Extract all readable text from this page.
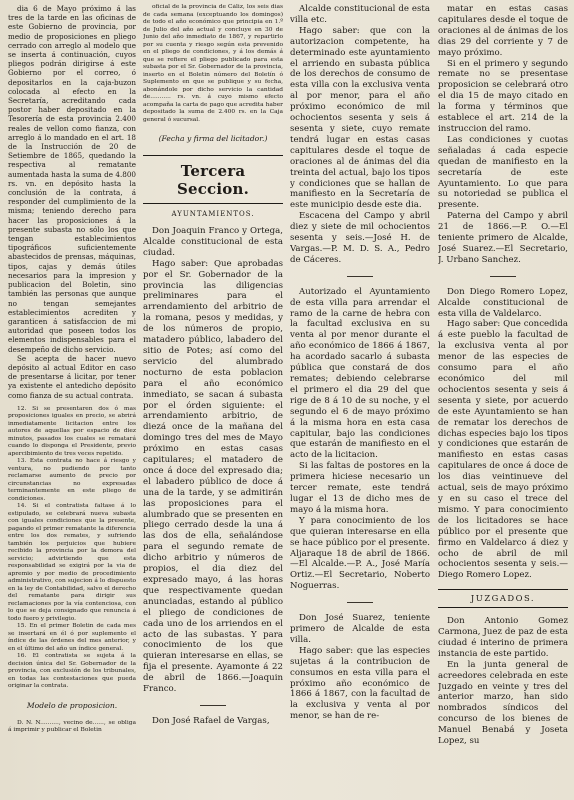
dia 6 de Mayo próximo á las tres de la tarde en las oficinas de este Gobierno de provincia, por medio de proposiciones en pliego cerrado con arreglo al modelo que se inserta á continuación, cuyos pliegos podrán dirigirse á este Gobierno por el correo, ó depositarlos en la caja-buzon colocada al efecto en la Secretaría, acreditando cada postor haber depositado en la Tesorería de esta provincia 2.400 reales de vellon como fianza, con arreglo á lo mandado en el art. 18 de la Instrucción de 20 de Setiembre de 1865, quedando la respectiva al rematante aumentada hasta la suma de 4.800 rs. vn. en depósito hasta la conclusión de la contrata, á responder del cumplimiento de la misma; teniendo derecho para hacer las proposiciones á la presente subasta no sólo los que tengan establecimientos tipográficos suficientemente abastecidos de prensas, máquinas, tipos, cajas y demás útiles necesarios para la impresion y publicacion del Boletin, sino también las personas que aunque no tengan semejantes establecimientos acrediten y garanticen á satisfaccion de mi autoridad que poseen todos los elementos indispensables para el desempeño de dicho servicio.

Se acepta de hacer nuevo depósito al actual Editor en caso de presentarse á licitar, por tener ya existente el antedicho depósito como fianza de su actual contrata.

12. Si se presentaren dos ó mas proposiciones iguales en precio, se abrirá inmediatamente licitacion entre los autores de aquellas por espacio de diez minutos, pasados los cuales se rematará cuando lo disponga el Presidente, previo apercibimiento de tres veces repetido.

13. Esta contrata no hace á riesgo y ventura, no pudiendo por tanto reclamarse aumento de precio por circunstancias no expresadas terminantemente en este pliego de condiciones.

14. Si el contratista faltase á lo estipulado, se celebrará nueva subasta con iguales condiciones que la presente, pagando el primer rematante la diferencia entre los dos remates, y sufriendo también los perjuicios que hubiere recibido la provincia por la demora del servicio; advirtiendo que esta responsabilidad se exigirá por la via de apremio y por medio de procedimiento administrativo, con sujecion á lo dispuesto en la ley de Contabilidad, salvo el derecho del rematante para dirigir sus reclamaciones por la vía contenciosa, con lo que se deja consignado que renuncia á todo fuero y privilegio.

15. En el primer Boletin de cada mes se insertará en él ó por suplemento el índice de las órdenes del mes anterior, y en el último del año un índice general.

16. El contratista se sujeta á la decision única del Sr. Gobernador de la provincia, con exclusión de los tribunales, en todas las contestaciones que pueda originar la contrata.

Modelo de proposicion.

D. N. N.........., vecino de......, se obliga á imprimir y publicar el Boletin

oficial de la provincia de Cáliz, los seis dias de cada semana (exceptuando los domingos) de todo el año económico que principia en 1.º de Julio del año actual y concluye en 30 de Junio del año inmediato de 1867, y repartirlo por su cuenta y riesgo según esta prevenido en el pliego de condiciones, y á los demás á que se refiere el pliego publicado para esta subasta por el Sr. Gobernador de la provincia, inserto en el Boletin número del Boletín ó Suplemento en que se publique y su fecha, abonándole por dicho servicio la cantidad de........... rs. vn. á cuyo mismo efecto acompaña la carta de pago que acredita haber depositado la suma de 2.400 rs. en la Caja general ó sucursal.

(Fecha y firma del licitador.)

Tercera Seccion.
AYUNTAMIENTOS.

Don Joaquin Franco y Ortega, Alcalde constitucional de esta ciudad.

Hago saber: Que aprobadas por el Sr. Gobernador de la provincia las diligencias preliminares para el arrendamiento del arbitrio de la romana, pesos y medidas, y de los números de propio, matadero público, labadero del sitio de Potes; así como del servicio del alumbrado nocturno de esta poblacion para el año económico inmediato, se sacan á subasta por el órden siguiente: el arrendamiento arbitrio, de diezá once de la mañana del domingo tres del mes de Mayo próximo en estas casas capitulares; el matadero de once á doce del expresado dia; el labadero público de doce á una de la tarde, y se admitirán las proposiciones para el alumbrado que se presenten en pliego cerrado desde la una á las dos de ella, señalándose para el segundo remate de dicho arbitrio y números de propios, el dia diez del expresado mayo, á las horas que respectivamente quedan anunciadas, estando al público el pliego de condiciones de cada uno de los arriendos en el acto de las subastas. Y para conocimiento de los que quieran interesarse en ellas, se fija el presente. Ayamonte á 22 de abril de 1866.—Joaquin Franco.

Don José Rafael de Vargas,

Alcalde constitucional de esta villa etc.

Hago saber: que con la autorizacion competente, ha determinado este ayuntamiento el arriendo en subasta pública de los derechos de consumo de esta villa con la exclusiva venta al por menor, para el año próximo económico de mil ochocientos sesenta y seis á sesenta y siete, cuyo remate tendrá lugar en estas casas capitulares desde el toque de oraciones al de ánimas del dia treinta del actual, bajo los tipos y condiciones que se hallan de manifiesto en la Secretaría de este municipio desde este dia.

Escacena del Campo y abril diez y siete de mil ochocientos sesenta y seis.—José H. de Vargas.—P. M. D. S. A., Pedro de Cáceres.

Autorizado el Ayuntamiento de esta villa para arrendar el ramo de la carne de hebra con la facultad exclusiva en su venta al por menor durante el año económico de 1866 á 1867, ha acordado sacarlo á subasta pública que constará de dos remates; debiendo celebrarse el primero el dia 29 del que rige de 8 á 10 de su noche, y el segundo el 6 de mayo próximo á la misma hora en esta casa capitular, bajo las condiciones que estarán de manifiesto en el acto de la licitacion.

Si las faltas de postores en la primera hiciese necesario un tercer remate, este tendrá lugar el 13 de dicho mes de mayo á la misma hora.

Y para conocimiento de los que quieran interesarse en ella se hace público por el presente. Aljaraque 18 de abril de 1866.—El Alcalde.—P. A., José María Ortiz.—El Secretario, Noberto Noguerras.

Don José Suarez, teniente primero de Alcalde de esta villa.

Hago saber: que las especies sujetas á la contribucion de consumos en esta villa para el próximo año económico de 1866 á 1867, con la facultad de la exclusiva y venta al por menor, se han de re-

matar en estas casas capitulares desde el toque de oraciones al de ánimas de los dias 29 del corriente y 7 de mayo próximo.

Si en el primero y segundo remate no se presentase proposicion se celebrará otro el dia 15 de mayo citado en la forma y términos que establece el art. 214 de la instruccion del ramo.

Las condiciones y cuotas señaladas á cada especie quedan de manifiesto en la secretaría de este Ayuntamiento. Lo que para su notoriedad se publica el presente.

Paterna del Campo y abril 21 de 1866.—P. O.—El teniente primero de Alcalde, José Suarez.—El Secretario, J. Urbano Sanchez.

Don Diego Romero Lopez, Alcalde constitucional de esta villa de Valdelarco.

Hago saber: Que concedida á este pueblo la facultad de la exclusiva venta al por menor de las especies de consumo para el año económico del mil ochocientos sesenta y seis á sesenta y siete, por acuerdo de este Ayuntamiento se han de rematar los derechos de dichas especies bajo los tipos y condiciones que estarán de manifiesto en estas casas capitulares de once á doce de los dias veintinueve del actual, seis de mayo próximo y en su caso el trece del mismo. Y para conocimiento de los licitadores se hace público por el presente que firmo en Valdelarco á diez y ocho de abril de mil ochocientos sesenta y seis.—Diego Romero Lopez.

JUZGADOS.

Don Antonio Gomez Carmona, Juez de paz de esta ciudad é interino de primera instancia de este partido.

En la junta general de acreedores celebrada en este Juzgado en veinte y tres del anterior marzo, han sido nombrados síndicos del concurso de los bienes de Manuel Benabá y Joseta Lopez, su
